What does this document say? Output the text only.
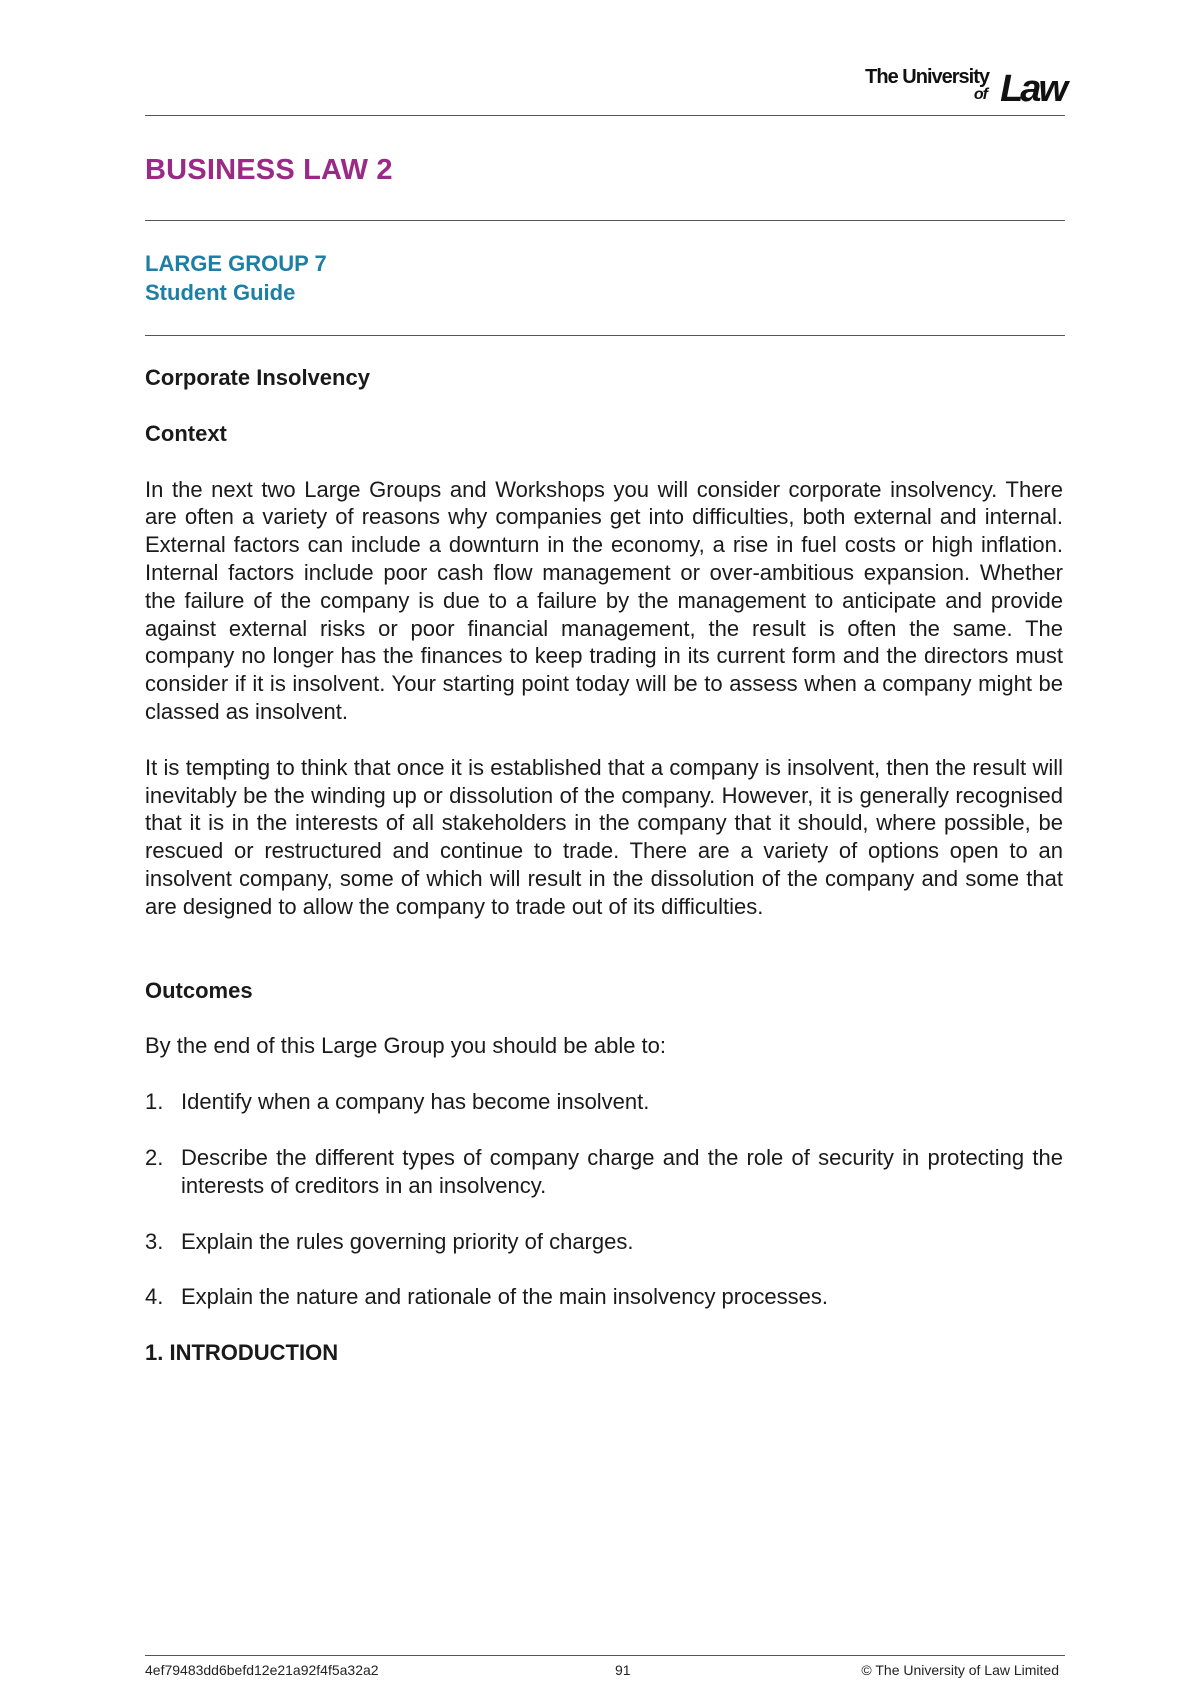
The University
of Law
BUSINESS LAW 2
LARGE GROUP 7
Student Guide
Corporate Insolvency
Context

In the next two Large Groups and Workshops you will consider corporate insolvency. There are often a variety of reasons why companies get into difficulties, both external and internal. External factors can include a downturn in the economy, a rise in fuel costs or high inflation. Internal factors include poor cash flow management or over-ambitious expansion. Whether the failure of the company is due to a failure by the management to anticipate and provide against external risks or poor financial management, the result is often the same. The company no longer has the finances to keep trading in its current form and the directors must consider if it is insolvent. Your starting point today will be to assess when a company might be classed as insolvent.

It is tempting to think that once it is established that a company is insolvent, then the result will inevitably be the winding up or dissolution of the company. However, it is generally recognised that it is in the interests of all stakeholders in the company that it should, where possible, be rescued or restructured and continue to trade. There are a variety of options open to an insolvent company, some of which will result in the dissolution of the company and some that are designed to allow the company to trade out of its difficulties.

Outcomes

By the end of this Large Group you should be able to:

1. Identify when a company has become insolvent.
2. Describe the different types of company charge and the role of security in protecting the interests of creditors in an insolvency.
3. Explain the rules governing priority of charges.
4. Explain the nature and rationale of the main insolvency processes.
1. INTRODUCTION
4ef79483dd6befd12e21a92f4f5a32a2	91	© The University of Law Limited
